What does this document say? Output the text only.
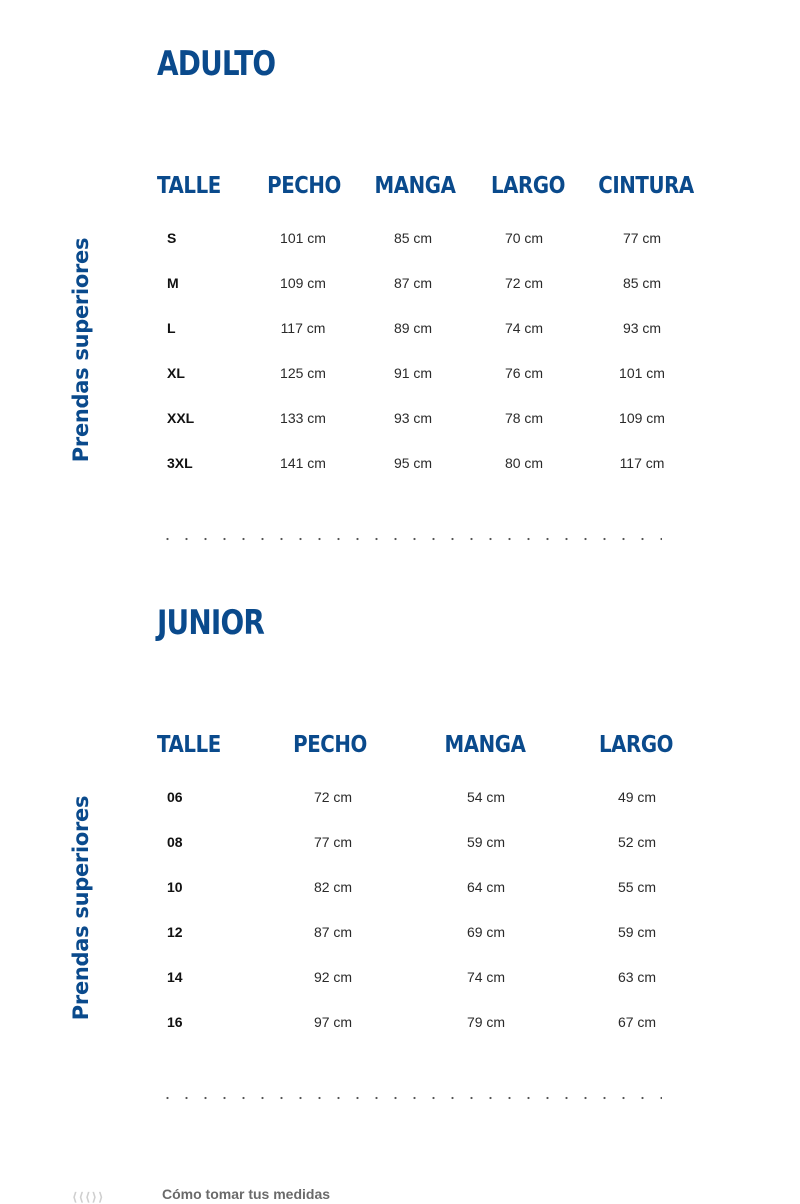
ADULTO
Prendas superiores
TALLE PECHO MANGA LARGO CINTURA
S	101 cm	85 cm	70 cm	77 cm
M	109 cm	87 cm	72 cm	85 cm
L	117 cm	89 cm	74 cm	93 cm
XL	125 cm	91 cm	76 cm	101 cm
XXL	133 cm	93 cm	78 cm	109 cm
3XL	141 cm	95 cm	80 cm	117 cm
JUNIOR
Prendas superiores
TALLE	PECHO	MANGA	LARGO
06	72 cm	54 cm	49 cm
08	77 cm	59 cm	52 cm
10	82 cm	64 cm	55 cm
12	87 cm	69 cm	59 cm
14	92 cm	74 cm	63 cm
16	97 cm	79 cm	67 cm
⟨⟨⟨⟩⟩	Cómo tomar tus medidas
